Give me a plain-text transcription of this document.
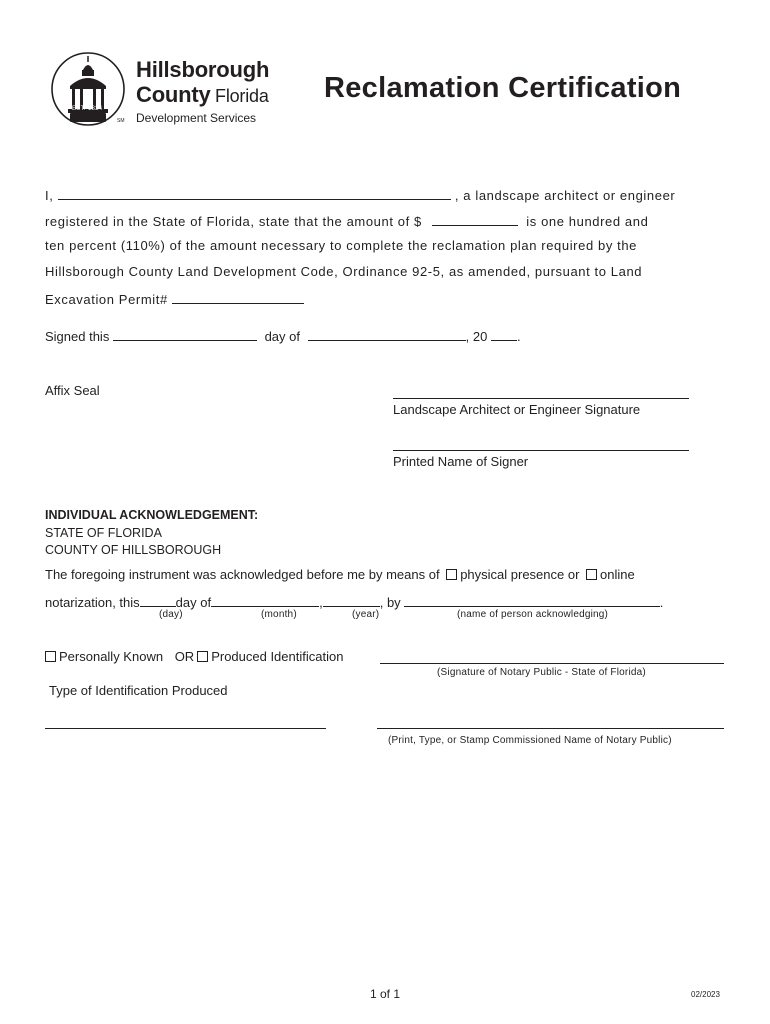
EST. 1834
SM
Hillsborough
County Florida
Development Services
Reclamation Certification
I,	, a landscape architect or engineer
registered in the State of Florida, state that the amount of $	is one hundred and
ten percent (110%) of the amount necessary to complete the reclamation plan required by the
Hillsborough County Land Development Code, Ordinance 92-5, as amended, pursuant to Land
Excavation Permit#
Signed this	day of	, 20 .
Affix Seal
Landscape Architect or Engineer Signature
Printed Name of Signer
INDIVIDUAL ACKNOWLEDGEMENT:
STATE OF FLORIDA
COUNTY OF HILLSBOROUGH
The foregoing instrument was acknowledged before me by means of physical presence or online
notarization, this	day of	,	, by	.
(day)	(month)	(year)	(name of person acknowledging)
Personally Known OR Produced Identification
(Signature of Notary Public - State of Florida)
Type of Identification Produced
(Print, Type, or Stamp Commissioned Name of Notary Public)
1 of 1	02/2023
